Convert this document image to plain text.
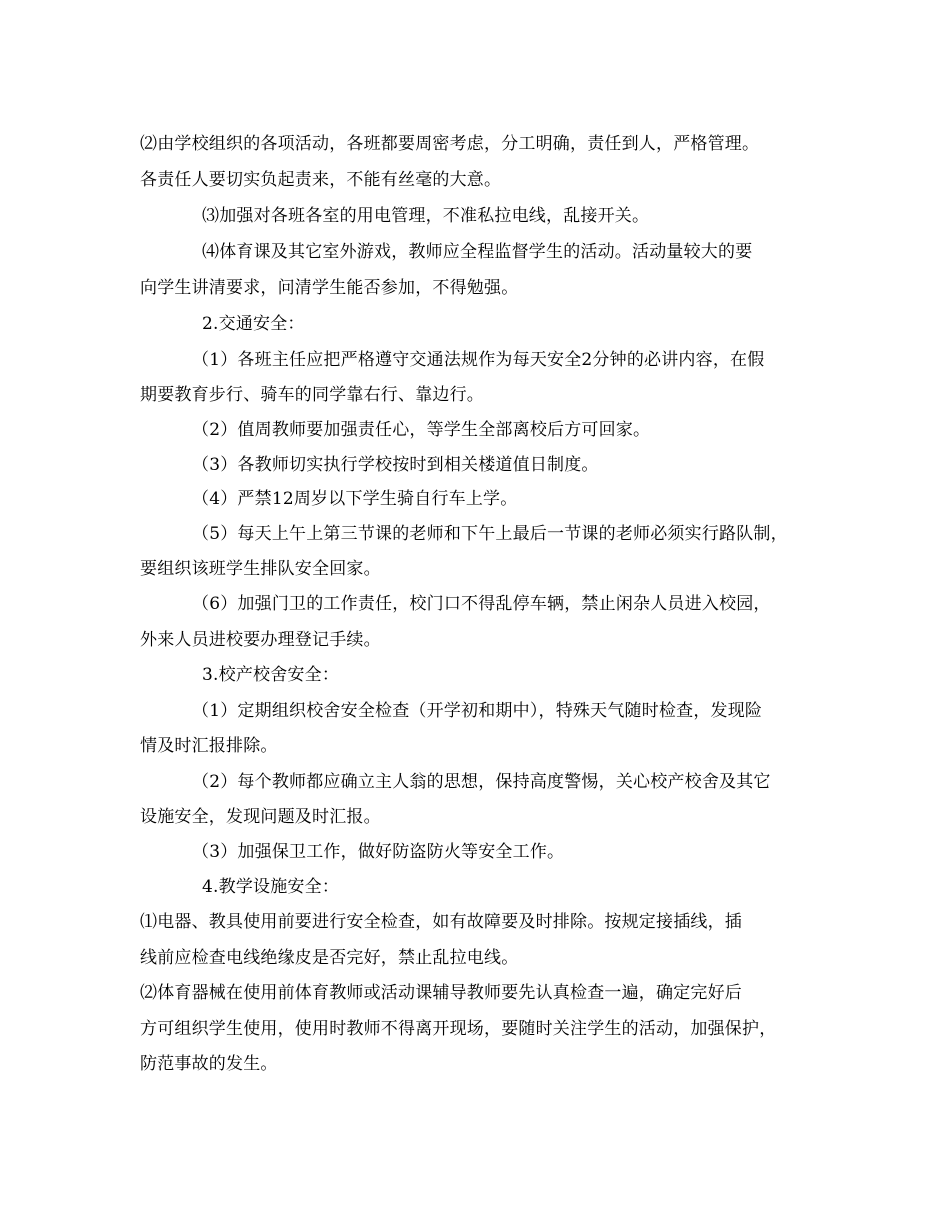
⑵由学校组织的各项活动，各班都要周密考虑，分工明确，责任到人，严格管理。
各责任人要切实负起责来，不能有丝毫的大意。
⑶加强对各班各室的用电管理，不准私拉电线，乱接开关。
⑷体育课及其它室外游戏，教师应全程监督学生的活动。活动量较大的要
向学生讲清要求，问清学生能否参加，不得勉强。
2.交通安全：
（1）各班主任应把严格遵守交通法规作为每天安全2分钟的必讲内容，在假
期要教育步行、骑车的同学靠右行、靠边行。
（2）值周教师要加强责任心，等学生全部离校后方可回家。
（3）各教师切实执行学校按时到相关楼道值日制度。
（4）严禁12周岁以下学生骑自行车上学。
（5）每天上午上第三节课的老师和下午上最后一节课的老师必须实行路队制，
要组织该班学生排队安全回家。
（6）加强门卫的工作责任，校门口不得乱停车辆，禁止闲杂人员进入校园，
外来人员进校要办理登记手续。
3.校产校舍安全：
（1）定期组织校舍安全检查（开学初和期中），特殊天气随时检查，发现险
情及时汇报排除。
（2）每个教师都应确立主人翁的思想，保持高度警惕，关心校产校舍及其它
设施安全，发现问题及时汇报。
（3）加强保卫工作，做好防盗防火等安全工作。
4.教学设施安全：
⑴电器、教具使用前要进行安全检查，如有故障要及时排除。按规定接插线，插
线前应检查电线绝缘皮是否完好，禁止乱拉电线。
⑵体育器械在使用前体育教师或活动课辅导教师要先认真检查一遍，确定完好后
方可组织学生使用，使用时教师不得离开现场，要随时关注学生的活动，加强保护，
防范事故的发生。
